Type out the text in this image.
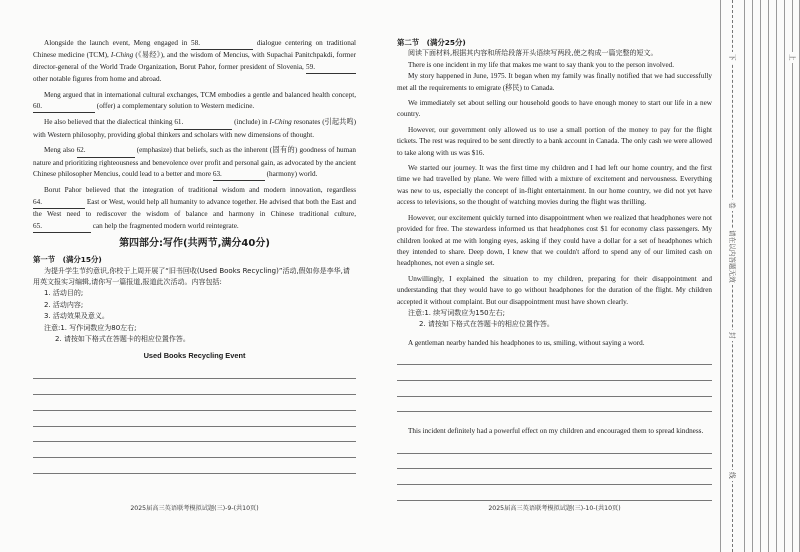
Alongside the launch event, Meng engaged in 58.	dialogue centering on traditional Chinese medicine (TCM), I-Ching (《易经》), and the wisdom of Mencius, with Supachai Panitchpakdi, former director-general of the World Trade Organization, Borut Pahor, former president of Slovenia, 59. other notable figures from home and abroad.

Meng argued that in international cultural exchanges, TCM embodies a gentle and balanced health concept, 60.	(offer) a complementary solution to Western medicine.

He also believed that the dialectical thinking 61.	(include) in I-Ching resonates (引起共鸣) with Western philosophy, providing global thinkers and scholars with new dimensions of thought.

Meng also 62.	(emphasize) that beliefs, such as the inherent (固有的) goodness of human nature and prioritizing righteousness and benevolence over profit and personal gain, as advocated by the ancient Chinese philosopher Mencius, could lead to a better and more 63.	(harmony) world.

Borut Pahor believed that the integration of traditional wisdom and modern innovation, regardless 64.	East or West, would help all humanity to advance together. He advised that both the East and the West need to rediscover the wisdom of balance and harmony in Chinese traditional culture, 65.	can help the fragmented modern world reintegrate.

第四部分:写作(共两节,满分40分)

第一节　(满分15分)

为提升学生节约意识,你校于上周开展了“旧书回收(Used Books Recycling)”活动,假如你是李华,请用英文报实习编辑,请你写一篇报道,报道此次活动。内容包括:

1. 活动目的;

2. 活动内容;

3. 活动效果及意义。

注意:1. 写作词数应为80左右;

2. 请按如下格式在答题卡的相应位置作答。

Used Books Recycling Event
2025届高三英语联考模拟试题(三)-9-(共10页)

第二节　(满分25分)

阅读下面材料,根据其内容和所给段落开头语续写两段,使之构成一篇完整的短文。

There is one incident in my life that makes me want to say thank you to the person involved.

My story happened in June, 1975. It began when my family was finally notified that we had successfully met all the requirements to emigrate (移民) to Canada.

We immediately set about selling our household goods to have enough money to start our life in a new country.

However, our government only allowed us to use a small portion of the money to pay for the flight tickets. The rest was required to be sent directly to a bank account in Canada. The only cash we were allowed to take along with us was $16.

We started our journey. It was the first time my children and I had left our home country, and the first time we had travelled by plane. We were filled with a mixture of excitement and nervousness. Everything was new to us, especially the concept of in-flight entertainment. In our home country, we did not yet have access to televisions, so the thought of watching movies during the flight was thrilling.

However, our excitement quickly turned into disappointment when we realized that headphones were not provided for free. The stewardess informed us that headphones cost $1 for economy class passengers. My children looked at me with longing eyes, asking if they could have a dollar for a set of headphones which they intended to share. Deep down, I knew that we couldn't afford to spend any of our limited cash on headphones, not even a single set.

Unwillingly, I explained the situation to my children, preparing for their disappointment and understanding that they would have to go without headphones for the duration of the flight. My children accepted it without complaint. But our disappointment must have shown clearly.

注意:1. 续写词数应为150左右;

2. 请按如下格式在答题卡的相应位置作答。

A gentleman nearby handed his headphones to us, smiling, without saying a word.

This incident definitely had a powerful effect on my children and encouraged them to spread kindness.

2025届高三英语联考模拟试题(三)-10-(共10页)
下	上
卷
请在以内答题无效
封
线
